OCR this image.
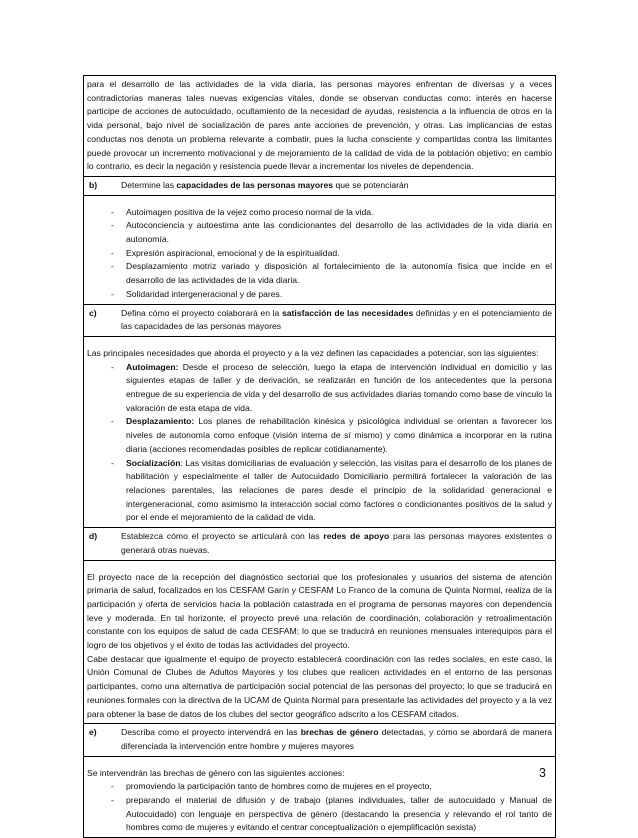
para el desarrollo de las actividades de la vida diaria, las personas mayores enfrentan de diversas y a veces contradictorias maneras tales nuevas exigencias vitales, donde se observan conductas como: interés en hacerse participe de acciones de autocuidado, ocultamiento de la necesidad de ayudas, resistencia a la influencia de otros en la vida personal, bajo nivel de socialización de pares ante acciones de prevención, y otras. Las implicancias de estas conductas nos denota un problema relevante a combatir, pues la lucha consciente y compartidas contra las limitantes puede provocar un incremento motivacional y de mejoramiento de la calidad de vida de la población objetivo; en cambio lo contrario, es decir la negación y resistencia puede llevar a incrementar los niveles de dependencia.
b)	Determine las capacidades de las personas mayores que se potenciarán
- Autoimagen positiva de la vejez como proceso normal de la vida.
- Autoconciencia y autoestima ante las condicionantes del desarrollo de las actividades de la vida diaria en autonomía.
- Expresión aspiracional, emocional y de la espiritualidad.
- Desplazamiento motriz variado y disposición al fortalecimiento de la autonomía física que incide en el desarrollo de las actividades de la vida diaria.
- Solidaridad intergeneracional y de pares.
c)	Defina cómo el proyecto colaborará en la satisfacción de las necesidades definidas y en el potenciamiento de las capacidades de las personas mayores
Las principales necesidades que aborda el proyecto y a la vez definen las capacidades a potenciar, son las siguientes:
- Autoimagen: Desde el proceso de selección, luego la etapa de intervención individual en domicilio y las siguientes etapas de taller y de derivación, se realizarán en función de los antecedentes que la persona entregue de su experiencia de vida y del desarrollo de sus actividades diarias tomando como base de vinculo la valoración de esta etapa de vida.
- Desplazamiento: Los planes de rehabilitación kinésica y psicológica individual se orientan a favorecer los niveles de autonomía como enfoque (visión interna de sí mismo) y como dinámica a incorporar en la rutina diaria (acciones recomendadas posibles de replicar cotidianamente).
- Socialización: Las visitas domiciliarias de evaluación y selección, las visitas para el desarrollo de los planes de habilitación y especialmente el taller de Autocuidado Domiciliario permitirá fortalecer la valoración de las relaciones parentales, las relaciones de pares desde el principio de la solidaridad generacional e intergeneracional, como asimismo la interacción social como factores o condicionantes positivos de la salud y por el ende el mejoramiento de la calidad de vida.
d)	Establezca cómo el proyecto se articulará con las redes de apoyo para las personas mayores existentes o generará otras nuevas.
El proyecto nace de la recepción del diagnóstico sectorial que los profesionales y usuarios del sistema de atención primaria de salud, focalizados en los CESFAM Garín y CESFAM Lo Franco de la comuna de Quinta Normal, realiza de la participación y oferta de servicios hacia la población catastrada en el programa de personas mayores con dependencia leve y moderada. En tal horizonte, el proyecto prevé una relación de coordinación, colaboración y retroalimentación constante con los equipos de salud de cada CESFAM; lo que se traducirá en reuniones mensuales interequipos para el logro de los objetivos y el éxito de todas las actividades del proyecto.
Cabe destacar que igualmente el equipo de proyecto establecerá coordinación con las redes sociales, en este caso, la Unión Comunal de Clubes de Adultos Mayores y los clubes que realicen actividades en el entorno de las personas participantes, como una alternativa de participación social potencial de las personas del proyecto; lo que se traducirá en reuniones formales con la directiva de la UCAM de Quinta Normal para presentarle las actividades del proyecto y a la vez para obtener la base de datos de los clubes del sector geográfico adscrito a los CESFAM citados.
e)	Describa como el proyecto intervendrá en las brechas de género detectadas, y cómo se abordará de manera diferenciada la intervención entre hombre y mujeres mayores
Se intervendrán las brechas de género con las siguientes acciones:
- promoviendo la participación tanto de hombres como de mujeres en el proyecto,
- preparando el material de difusión y de trabajo (planes individuales, taller de autocuidado y Manual de Autocuidado) con lenguaje en perspectiva de género (destacando la presencia y relevando el rol tanto de hombres como de mujeres y evitando el centrar conceptualización o ejemplificación sexista)
3
